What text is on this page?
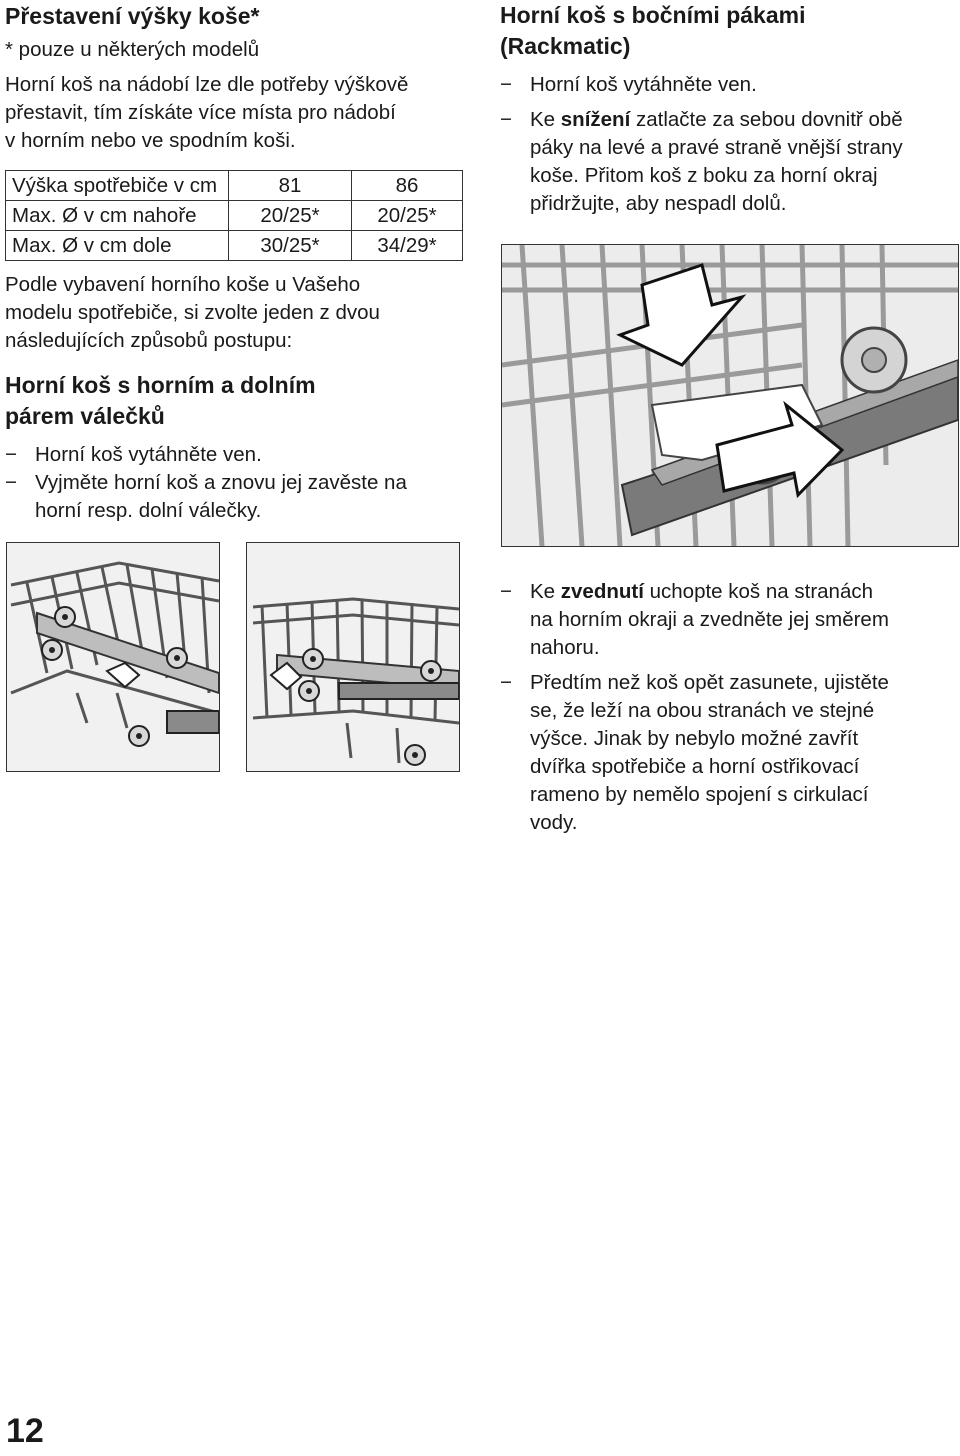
Přestavení výšky koše*
* pouze u některých modelů
Horní koš na nádobí lze dle potřeby výškově
přestavit, tím získáte více místa pro nádobí
v horním nebo ve spodním koši.
Výška spotřebiče v cm	81	86
Max. Ø v cm nahoře	20/25*	20/25*
Max. Ø v cm dole	30/25*	34/29*
Podle vybavení horního koše u Vašeho
modelu spotřebiče, si zvolte jeden z dvou
následujících způsobů postupu:
Horní koš s horním a dolním
párem válečků
− Horní koš vytáhněte ven.
− Vyjměte horní koš a znovu jej zavěste na
horní resp. dolní válečky.
Horní koš s bočními pákami
(Rackmatic)
− Horní koš vytáhněte ven.
− Ke snížení zatlačte za sebou dovnitř obě
páky na levé a pravé straně vnější strany
koše. Přitom koš z boku za horní okraj
přidržujte, aby nespadl dolů.
− Ke zvednutí uchopte koš na stranách
na horním okraji a zvedněte jej směrem
nahoru.
− Předtím než koš opět zasunete, ujistěte
se, že leží na obou stranách ve stejné
výšce. Jinak by nebylo možné zavřít
dvířka spotřebiče a horní ostřikovací
rameno by nemělo spojení s cirkulací
vody.
12
